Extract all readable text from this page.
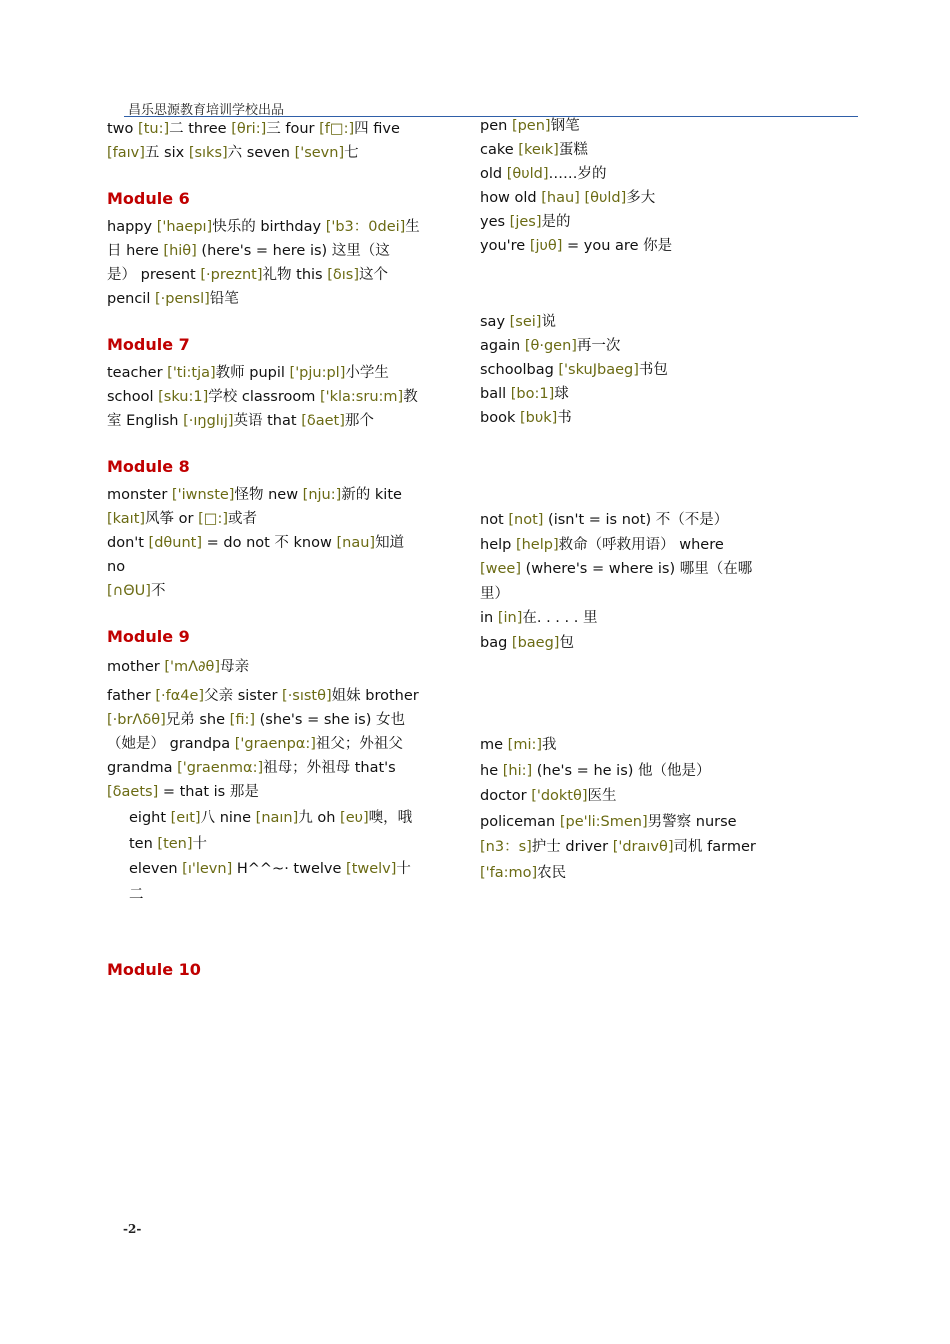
昌乐思源教育培训学校出品

two [tu:]二 three [θri:]三 four [f□:]四 five

[faıv]五 six [sıks]六 seven ['sevn]七

Module 6

happy ['haepı]快乐的 birthday ['b3：0dei]生

日 here [hiθ] (here's = here is) 这里（这

是） present [·preznt]礼物 this [δıs]这个

pencil [·pensl]铅笔

Module 7

teacher ['ti:tja]教师 pupil ['pju:pl]小学生

school [sku:1]学校 classroom ['kla:sru:m]教

室 English [·ıŋglıj]英语 that [δaet]那个

Module 8

monster ['iwnste]怪物 new [nju:]新的 kite

[kaıt]风筝 or [□:]或者

don't [dθunt] = do not 不 know [nau]知道 no

[∩ΘU]不

Module 9

mother ['mΛ∂θ]母亲

father [·fα4e]父亲 sister [·sıstθ]姐妹 brother

[·brΛδθ]兄弟 she [fi:] (she's = she is) 女也

（她是） grandpa ['graenpα:]祖父；外祖父

grandma ['graenmα:]祖母；外祖母 that's

[δaets] = that is 那是

eight [eıt]八 nine [naın]九 oh [eυ]噢，哦

ten [ten]十

eleven [ı'levn] H^^~· twelve [twelv]十二

Module 10

pen [pen]钢笔

cake [keık]蛋糕

old [θυld]……岁的

how old [hau] [θυld]多大

yes [jes]是的

you're [jυθ] = you are 你是

say [sei]说

again [θ·gen]再一次

schoolbag ['skuJbaeg]书包

ball [bo:1]球

book [bυk]书

not [not] (isn't = is not) 不（不是）

help [help]救命（呼救用语） where

[wee] (where's = where is) 哪里（在哪

里）

in [in]在. . . . . 里

bag [baeg]包

me [mi:]我

he [hi:] (he's = he is) 他（他是）

doctor ['doktθ]医生

policeman [pe'li:Smen]男警察 nurse

[n3：s]护士 driver ['draıvθ]司机 farmer

['fa:mo]农民

-2-
